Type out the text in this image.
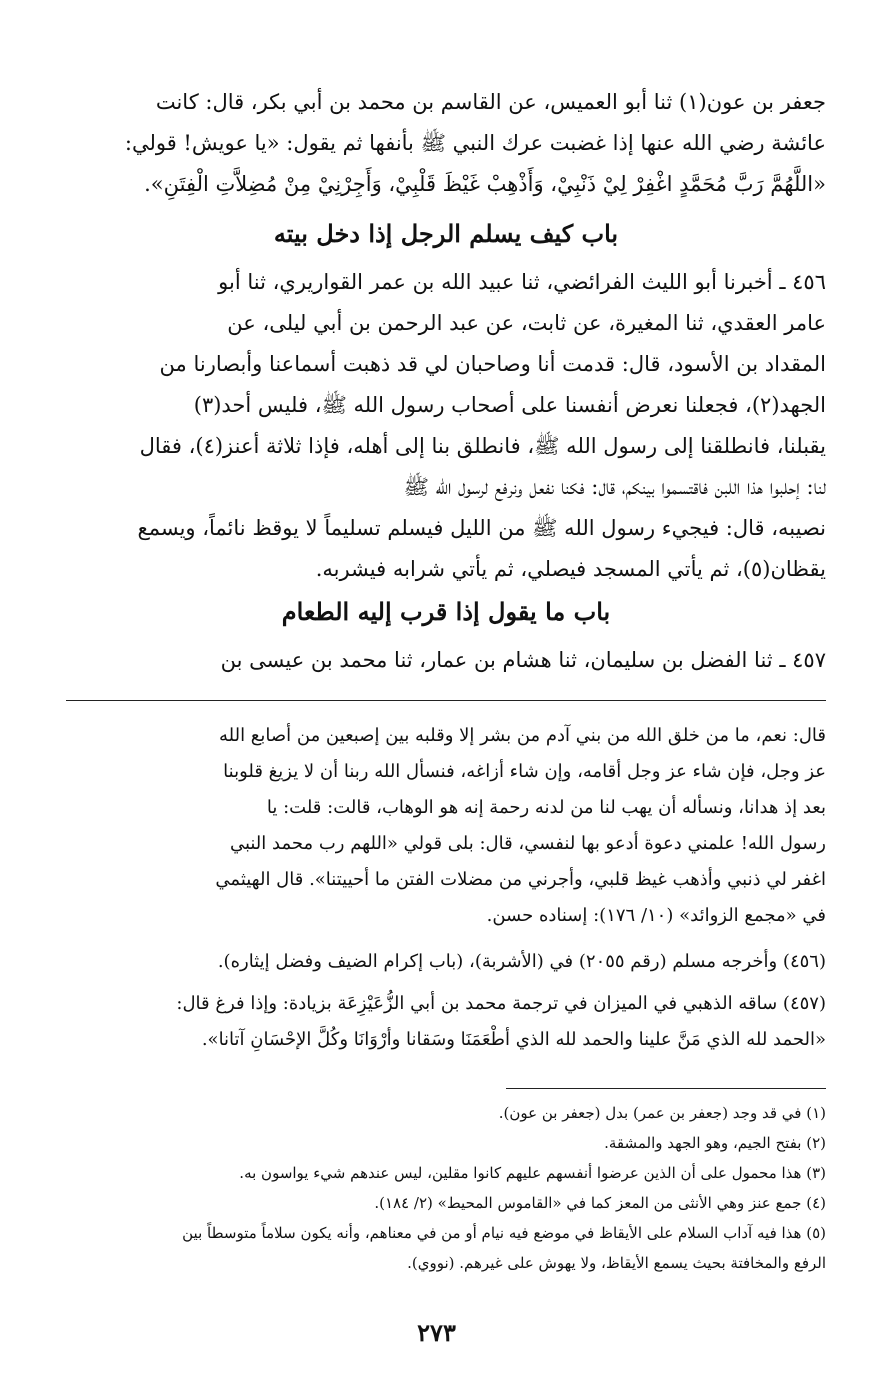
جعفر بن عون(١) ثنا أبو العميس، عن القاسم بن محمد بن أبي بكر، قال: كانت
عائشة رضي الله عنها إذا غضبت عرك النبي ﷺ بأنفها ثم يقول: «يا عويش! قولي:
«اللَّهُمَّ رَبَّ مُحَمَّدٍ اغْفِرْ لِيْ ذَنْبِيْ، وَأَذْهِبْ غَيْظَ قَلْبِيْ، وَأَجِرْنِيْ مِنْ مُضِلاَّتِ الْفِتَنِ».
باب كيف يسلم الرجل إذا دخل بيته
٤٥٦ ـ أخبرنا أبو الليث الفرائضي، ثنا عبيد الله بن عمر القواريري، ثنا أبو
عامر العقدي، ثنا المغيرة، عن ثابت، عن عبد الرحمن بن أبي ليلى، عن
المقداد بن الأسود، قال: قدمت أنا وصاحبان لي قد ذهبت أسماعنا وأبصارنا من
الجهد(٢)، فجعلنا نعرض أنفسنا على أصحاب رسول الله ﷺ، فليس أحد(٣)
يقبلنا، فانطلقنا إلى رسول الله ﷺ، فانطلق بنا إلى أهله، فإذا ثلاثة أعنز(٤)، فقال
لنا: إحلبوا هذا اللبن فاقتسموا بينكم، قال: فكنا نفعل ونرفع لرسول الله ﷺ
نصيبه، قال: فيجيء رسول الله ﷺ من الليل فيسلم تسليماً لا يوقظ نائماً، ويسمع
يقظان(٥)، ثم يأتي المسجد فيصلي، ثم يأتي شرابه فيشربه.
باب ما يقول إذا قرب إليه الطعام
٤٥٧ ـ ثنا الفضل بن سليمان، ثنا هشام بن عمار، ثنا محمد بن عيسى بن
قال: نعم، ما من خلق الله من بني آدم من بشر إلا وقلبه بين إصبعين من أصابع الله
عز وجل، فإن شاء عز وجل أقامه، وإن شاء أزاغه، فنسأل الله ربنا أن لا يزيغ قلوبنا
بعد إذ هدانا، ونسأله أن يهب لنا من لدنه رحمة إنه هو الوهاب، قالت: قلت: يا
رسول الله! علمني دعوة أدعو بها لنفسي، قال: بلى قولي «اللهم رب محمد النبي
اغفر لي ذنبي وأذهب غيظ قلبي، وأجرني من مضلات الفتن ما أحييتنا». قال الهيثمي
في «مجمع الزوائد» (١٠/ ١٧٦): إسناده حسن.
(٤٥٦) وأخرجه مسلم (رقم ٢٠٥٥) في (الأشربة)، (باب إكرام الضيف وفضل إيثاره).
(٤٥٧) ساقه الذهبي في الميزان في ترجمة محمد بن أبي الزُّعَيْزِعَة بزيادة: وإذا فرغ قال:
«الحمد لله الذي مَنَّ علينا والحمد لله الذي أطْعَمَنَا وسَقانا وأرْوَانَا وكُلَّ الإحْسَانِ آتانا».
(١) في قد وجد (جعفر بن عمر) بدل (جعفر بن عون).
(٢) بفتح الجيم، وهو الجهد والمشقة.
(٣) هذا محمول على أن الذين عرضوا أنفسهم عليهم كانوا مقلين، ليس عندهم شيء يواسون به.
(٤) جمع عنز وهي الأنثى من المعز كما في «القاموس المحيط» (٢/ ١٨٤).
(٥) هذا فيه آداب السلام على الأيقاظ في موضع فيه نيام أو من في معناهم، وأنه يكون سلاماً متوسطاً بين
الرفع والمخافتة بحيث يسمع الأيقاظ، ولا يهوش على غيرهم. (نووي).
٢٧٣
